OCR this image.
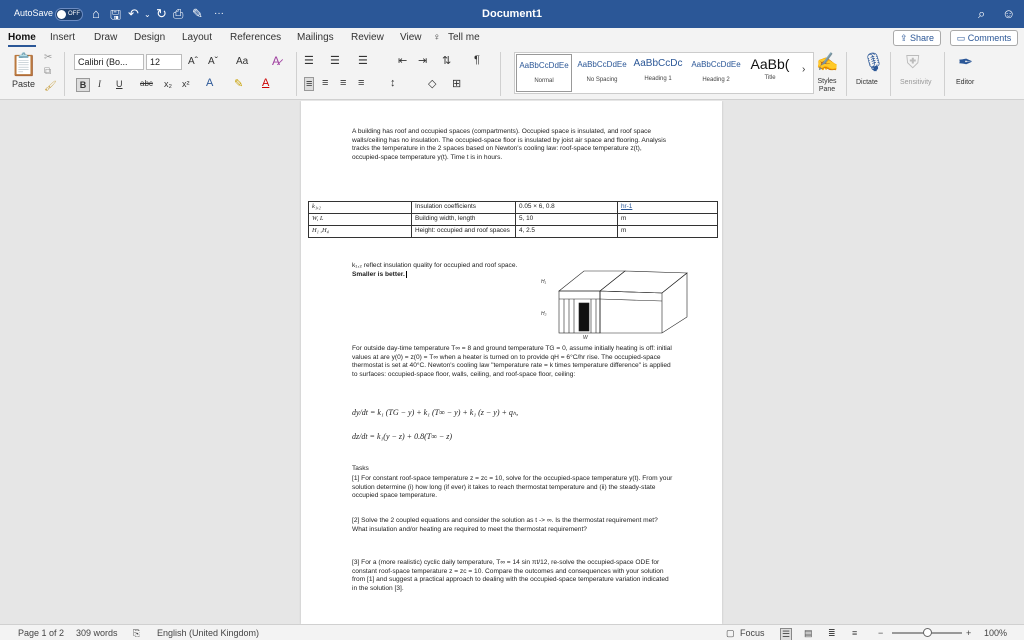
AutoSave OFF ⌂ 🖫 ↶ ⌄ ↻ ⎙ ✎ ···	Document1	⌕ ☺
Home Insert Draw Design Layout References Mailings Review View ♀ Tell me	⇪ Share	▭ Comments
📋
Paste
✂
⧉
🖌
Calibri (Bo...	12	Aˆ Aˇ Aa A̷
B	I U abc x₂ x² A ✎ A
☰ ☰ ☰	⇤ ⇥ ⇅ ¶
≡ ≡ ≡ ≡ ↕	◇ ⊞
AaBbCcDdEe
Normal
AaBbCcDdEe
No Spacing
AaBbCcDc
Heading 1
AaBbCcDdEe
Heading 2
AaBb(
Title
› ✍
Styles Pane
🎙
Dictate
⛨
Sensitivity
✒
Editor
A building has roof and occupied spaces (compartments). Occupied space is insulated, and roof space walls/ceiling has no insulation. The occupied-space floor is insulated by joist air space and flooring. Analysis tracks the temperature in the 2 spaces based on Newton's cooling law: roof-space temperature z(t), occupied-space temperature y(t). Time t is in hours.
k₁,₂	Insulation coefficients	0.05 × 6, 0.8	hr-1
W, L	Building width, length	5, 10	m
H₁ ,H₄	Height: occupied and roof spaces	4, 2.5	m
k₁,₂ reflect insulation quality for occupied and roof space. Smaller is better.
H₁
H₂
W
For outside day-time temperature T∞ = 8 and ground temperature TG = 0, assume initially heating is off: initial values at are y(0) = z(0) = T∞ when a heater is turned on to provide qH = 6°C/hr rise. The occupied-space thermostat is set at 40°C. Newton's cooling law "temperature rate = k times temperature difference" is applied to surfaces: occupied-space floor, walls, ceiling, and roof-space floor, ceiling:
dy/dt = k₁ (TG − y) + k₁ (T∞ − y) + k₁ (z − y) + qₕ,
dz/dt = k₁(y − z) + 0.8(T∞ − z)
Tasks
[1] For constant roof-space temperature z = zc = 10, solve for the occupied-space temperature y(t). From your solution determine (i) how long (if ever) it takes to reach thermostat temperature and (ii) the steady-state occupied space temperature.
[2] Solve the 2 coupled equations and consider the solution as t -> ∞. Is the thermostat requirement met? What insulation and/or heating are required to meet the thermostat requirement?
[3] For a (more realistic) cyclic daily temperature, T∞ = 14 sin πt/12, re-solve the occupied-space ODE for constant roof-space temperature z = zc = 10. Compare the outcomes and consequences with your solution from [1] and suggest a practical approach to dealing with the occupied-space temperature variation indicated in the solution [3].
Page 1 of 2 309 words ⎘ English (United Kingdom)	▢ Focus ☰ ▤ ≣ ≡ −	+ 100%
